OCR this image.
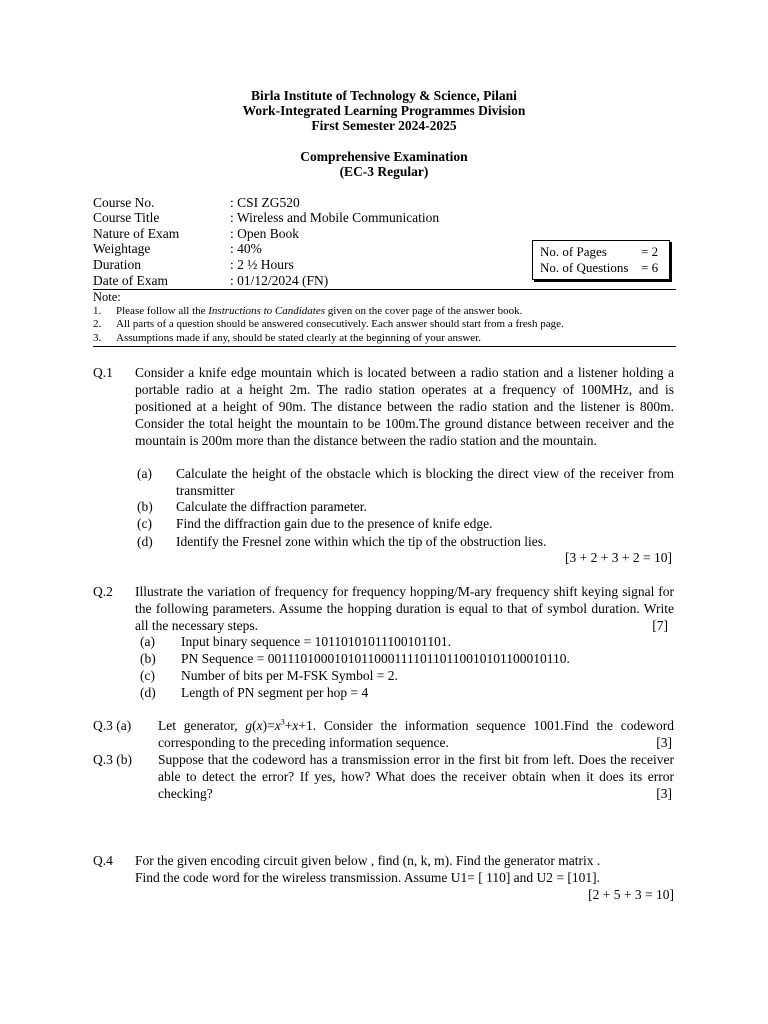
Birla Institute of Technology & Science, Pilani
Work-Integrated Learning Programmes Division
First Semester 2024-2025
Comprehensive Examination
(EC-3 Regular)
Course No.	: CSI ZG520
Course Title	: Wireless and Mobile Communication
Nature of Exam	: Open Book
Weightage	: 40%
Duration	: 2 ½ Hours
Date of Exam	: 01/12/2024 (FN)
No. of Pages	= 2
No. of Questions = 6
Note:
1. Please follow all the Instructions to Candidates given on the cover page of the answer book.
2. All parts of a question should be answered consecutively. Each answer should start from a fresh page.
3. Assumptions made if any, should be stated clearly at the beginning of your answer.
Q.1 Consider a knife edge mountain which is located between a radio station and a listener holding a portable radio at a height 2m. The radio station operates at a frequency of 100MHz, and is positioned at a height of 90m. The distance between the radio station and the listener is 800m. Consider the total height the mountain to be 100m.The ground distance between receiver and the mountain is 200m more than the distance between the radio station and the mountain.
(a) Calculate the height of the obstacle which is blocking the direct view of the receiver from transmitter
(b) Calculate the diffraction parameter.
(c) Find the diffraction gain due to the presence of knife edge.
(d) Identify the Fresnel zone within which the tip of the obstruction lies.
[3 + 2 + 3 + 2 = 10]
Q.2 Illustrate the variation of frequency for frequency hopping/M-ary frequency shift keying signal for the following parameters. Assume the hopping duration is equal to that of symbol duration. Write all the necessary steps.	[7]
(a) Input binary sequence = 10110101011100101101.
(b) PN Sequence = 001110100010101100011110110110010101100010110.
(c) Number of bits per M-FSK Symbol = 2.
(d) Length of PN segment per hop = 4
Q.3 (a) Let generator, $g(x)=x^3+x+1$. Consider the information sequence 1001.Find the codeword corresponding to the preceding information sequence.	[3]
Q.3 (b) Suppose that the codeword has a transmission error in the first bit from left. Does the receiver able to detect the error? If yes, how? What does the receiver obtain when it does its error checking?	[3]
Q.4 For the given encoding circuit given below , find (n, k, m). Find the generator matrix .
Find the code word for the wireless transmission. Assume U1= [ 110] and U2 = [101].
[2 + 5 + 3 = 10]
